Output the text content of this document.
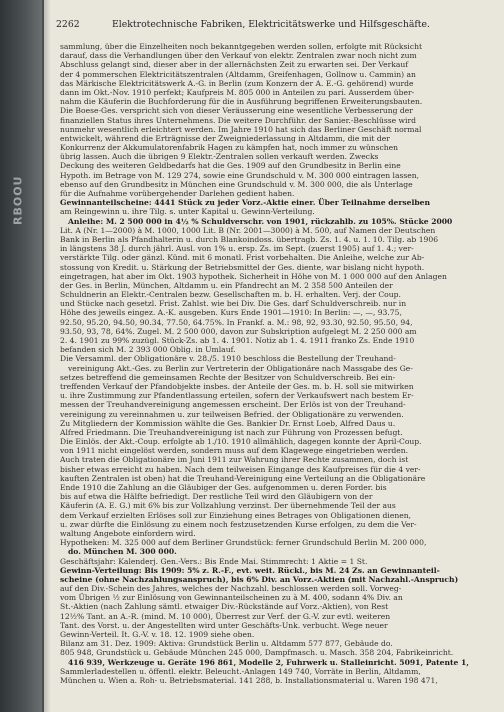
RBOOU
2262	Elektrotechnische Fabriken, Elektricitätswerke und Hilfsgeschäfte.
sammlung, über die Einzelheiten noch bekanntgegeben werden sollen, erfolgte mit Rücksicht
darauf, dass die Verhandlungen über den Verkauf von elektr. Zentralen zwar noch nicht zum
Abschluss gelangt sind, dieser aber in der allernächsten Zeit zu erwarten sei. Der Verkauf
der 4 pommerschen Elektricitätszentralen (Altdamm, Greifenhagen, Gollnow u. Cammin) an
das Märkische Elektricitätswerk A.-G. in Berlin (zum Konzern der A. E.-G. gehörend) wurde
dann im Okt.-Nov. 1910 perfekt; Kaufpreis M. 805 000 in Anteilen zu pari. Ausserdem über-
nahm die Käuferin die Buchforderung für die in Ausführung begriffenen Erweiterungsbauten.
Die Boese-Ges. verspricht sich von dieser Veräusserung eine wesentliche Verbesserung der
finanziellen Status ihres Unternehmens. Die weitere Durchführ. der Sanier.-Beschlüsse wird
nunmehr wesentlich erleichtert werden. Im Jahre 1910 hat sich das Berliner Geschäft normal
entwickelt, während die Erträgnisse der Zweigniederlassung in Altdamm, die mit der
Konkurrenz der Akkumulatorenfabrik Hagen zu kämpfen hat, noch immer zu wünschen
übrig lassen. Auch die übrigen 9 Elektr.-Zentralen sollen verkauft werden. Zwecks
Deckung des weiteren Geldbedarfs hat die Ges. 1909 auf den Grundbesitz in Berlin eine
Hypoth. im Betrage von M. 129 274, sowie eine Grundschuld v. M. 300 000 eintragen lassen,
ebenso auf den Grundbesitz in München eine Grundschuld v. M. 300 000, die als Unterlage
für die Aufnahme vorübergehender Darlehen gedient haben.
Gewinnanteilscheine: 4441 Stück zu jeder Vorz.-Aktie einer. Über Teilnahme derselben
am Reingewinn u. ihre Tilg. s. unter Kapital u. Gewinn-Verteilung.
Anleihe: M. 2 500 000 in 4½ % Schuldverschr. von 1901, rückzahlb. zu 105%. Stücke 2000
Lit. A (Nr. 1—2000) à M. 1000, 1000 Lit. B (Nr. 2001—3000) à M. 500, auf Namen der Deutschen
Bank in Berlin als Pfandhalterin u. durch Blankoindoss. übertragb. Zs. 1. 4. u. 1. 10. Tilg. ab 1906
in längstens 38 J. durch jährl. Ausl. von 1% u. ersp. Zs. im Sept. (zuerst 1905) auf 1. 4.; ver-
verstärkte Tilg. oder gänzl. Künd. mit 6 monatl. Frist vorbehalten. Die Anleihe, welche zur Ab-
stossung von Kredit. u. Stärkung der Betriebsmittel der Ges. diente, war bislang nicht hypoth.
eingetragen, hat aber im Okt. 1903 hypothek. Sicherheit in Höhe von M. 1 000 000 auf den Anlagen
der Ges. in Berlin, München, Altdamm u. ein Pfandrecht an M. 2 358 500 Anteilen der
Schuldnerin an Elektr.-Centralen bezw. Gesellschaften m. b. H. erhalten. Verj. der Coup.
und Stücke nach gesetzl. Frist. Zahlst. wie bei Div. Die Ges. darf Schuldverschreib. nur in
Höhe des jeweils eingez. A.-K. ausgeben. Kurs Ende 1901—1910: In Berlin: —, —, 93.75,
92.50, 95.20, 94.50, 90.34, 77.50, 64.75%. In Frankf. a. M.: 98, 92, 93.30, 92.50, 95.50, 94,
93.50, 93, 78, 64%. Zugel. M. 2 500 000, davon zur Subskription aufgelegt M. 2 250 000 am
2. 4. 1901 zu 99% zuzügl. Stück-Zs. ab 1. 4. 1901. Notiz ab 1. 4. 1911 franko Zs. Ende 1910
befanden sich M. 2 393 000 Oblig. in Umlauf.
Die Versamml. der Obligationäre v. 28./5. 1910 beschloss die Bestellung der Treuhand-
vereinigung Akt.-Ges. zu Berlin zur Vertreterin der Obligationäre nach Massgabe des Ge-
setzes betreffend die gemeinsamen Rechte der Besitzer von Schuldverschreib. Bei ein-
treffenden Verkauf der Pfandobjekte insbes. der Anteile der Ges. m. b. H. soll sie mitwirken
u. ihre Zustimmung zur Pfandentlassung erteilen, sofern der Verkaufswert nach bestem Er-
messen der Treuhandvereinigung angemessen erscheint. Der Erlös ist von der Treuhand-
vereinigung zu vereinnahmen u. zur teilweisen Befried. der Obligationäre zu verwenden.
Zu Mitgliedern der Kommission wählte die Ges. Bankier Dr. Ernst Loeb, Alfred Daus u.
Alfred Friedmann. Die Treuhandvereinigung ist nach zur Führung von Prozessen befugt.
Die Einlös. der Akt.-Coup. erfolgte ab 1./10. 1910 allmählich, dagegen konnte der April-Coup.
von 1911 nicht eingelöst werden, sondern muss auf dem Klagewege eingetrieben werden.
Auch traten die Obligationäre im Juni 1911 zur Wahrung ihrer Rechte zusammen, doch ist
bisher etwas erreicht zu haben. Nach dem teilweisen Eingange des Kaufpreises für die 4 ver-
kauften Zentralen ist oben) hat die Treuhand-Vereinigung eine Verteilung an die Obligationäre
Ende 1910 die Zahlung an die Gläubiger der Ges. aufgenommen u. deren Forder. bis
bis auf etwa die Hälfte befriedigt. Der restliche Teil wird den Gläubigern von der
Käuferin (A. E. G.) mit 6% bis zur Vollzahlung verzinst. Der übernehmende Teil der aus
dem Verkauf erzielten Erlöses soll zur Einziehung eines Betrages von Obligationen dienen,
u. zwar dürfte die Einlösung zu einem noch festzusetzenden Kurse erfolgen, zu dem die Ver-
waltung Angebote einfordern wird.
Hypotheken: M. 325 000 auf dem Berliner Grundstück: ferner Grundschuld Berlin M. 200 000,
do. München M. 300 000.
Geschäftsjahr: Kalenderj. Gen.-Vers.: Bis Ende Mai. Stimmrecht: 1 Aktie = 1 St.
Gewinn-Verteilung: Bis 1909: 5% z. R.-F., evt. weit. Rückl., bis M. 24 Zs. an Gewinnanteil-
scheine (ohne Nachzahlungsanspruch), bis 6% Div. an Vorz.-Aktien (mit Nachzahl.-Anspruch)
auf den Div.-Schein des Jahres, welches der Nachzahl. beschlossen werden soll. Vorweg-
vom Übrigen ½ zur Einlösung von Gewinnanteilscheinen zu à M. 400, sodann 4% Div. an
St.-Aktien (nach Zahlung sämtl. etwaiger Div.-Rückstände auf Vorz.-Aktien), von Rest
12½% Tant. an A.-R. (mind. M. 10 000), Überrest zur Verf. der G.-V. zur evtl. weiteren
Tant. des Vorst. u. der Angestellten wird unter Geschäfts-Unk. verbucht. Wege neuer
Gewinn-Verteil. It. G.-V. v. 18. 12. 1909 siehe oben.
Bilanz am 31. Dez. 1909: Aktiva: Grundstück Berlin u. Altdamm 577 877, Gebäude do.
805 948, Grundstück u. Gebäude München 245 000, Dampfmasch. u. Masch. 358 204, Fabrikeinricht.
416 939, Werkzeuge u. Geräte 196 861, Modelle 2, Fuhrwerk u. Stalleinricht. 5091, Patente 1,
Sammlerladestellen u. öffentl. elektr. Beleucht.-Anlagen 149 740, Vorräte in Berlin, Altdamm,
München u. Wien a. Roh- u. Betriebsmaterial. 141 288, b. Installationsmaterial u. Waren 198 471,
